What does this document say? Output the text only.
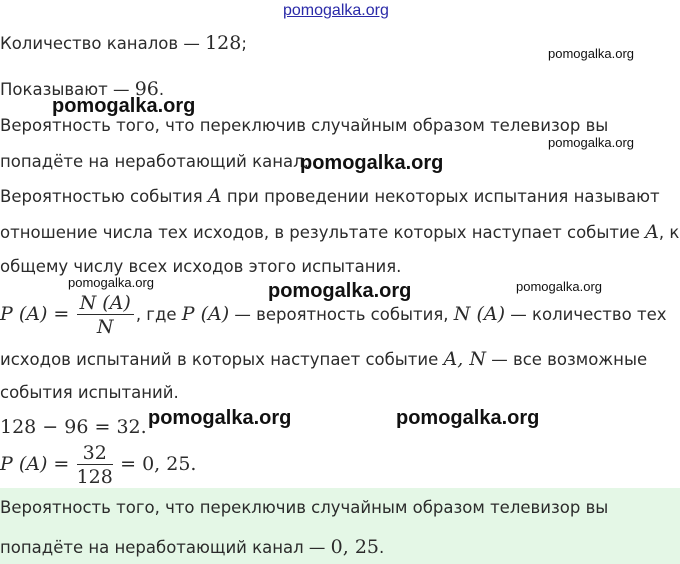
pomogalka.org
Количество каналов — 128;
Показывают — 96.
Вероятность того, что переключив случайным образом телевизор вы
попадёте на неработающий канал.
Вероятностью события A при проведении некоторых испытания называют
отношение числа тех исходов, в результате которых наступает событие A, к
общему числу всех исходов этого испытания.
P $(A) = \frac{N (A)}{N}$ , где P (A) — вероятность события, N (A) — количество тех
исходов испытаний в которых наступает событие A, N — все возможные
события испытаний.
128 − 96 = 32.
P $(A) = \frac{32}{128} = 0$, 25.
Вероятность того, что переключив случайным образом телевизор вы
попадёте на неработающий канал — 0, 25.
pomogalka.org
pomogalka.org
pomogalka.org
pomogalka.org
pomogalka.org	pomogalka.org	pomogalka.org
pomogalka.org	pomogalka.org
